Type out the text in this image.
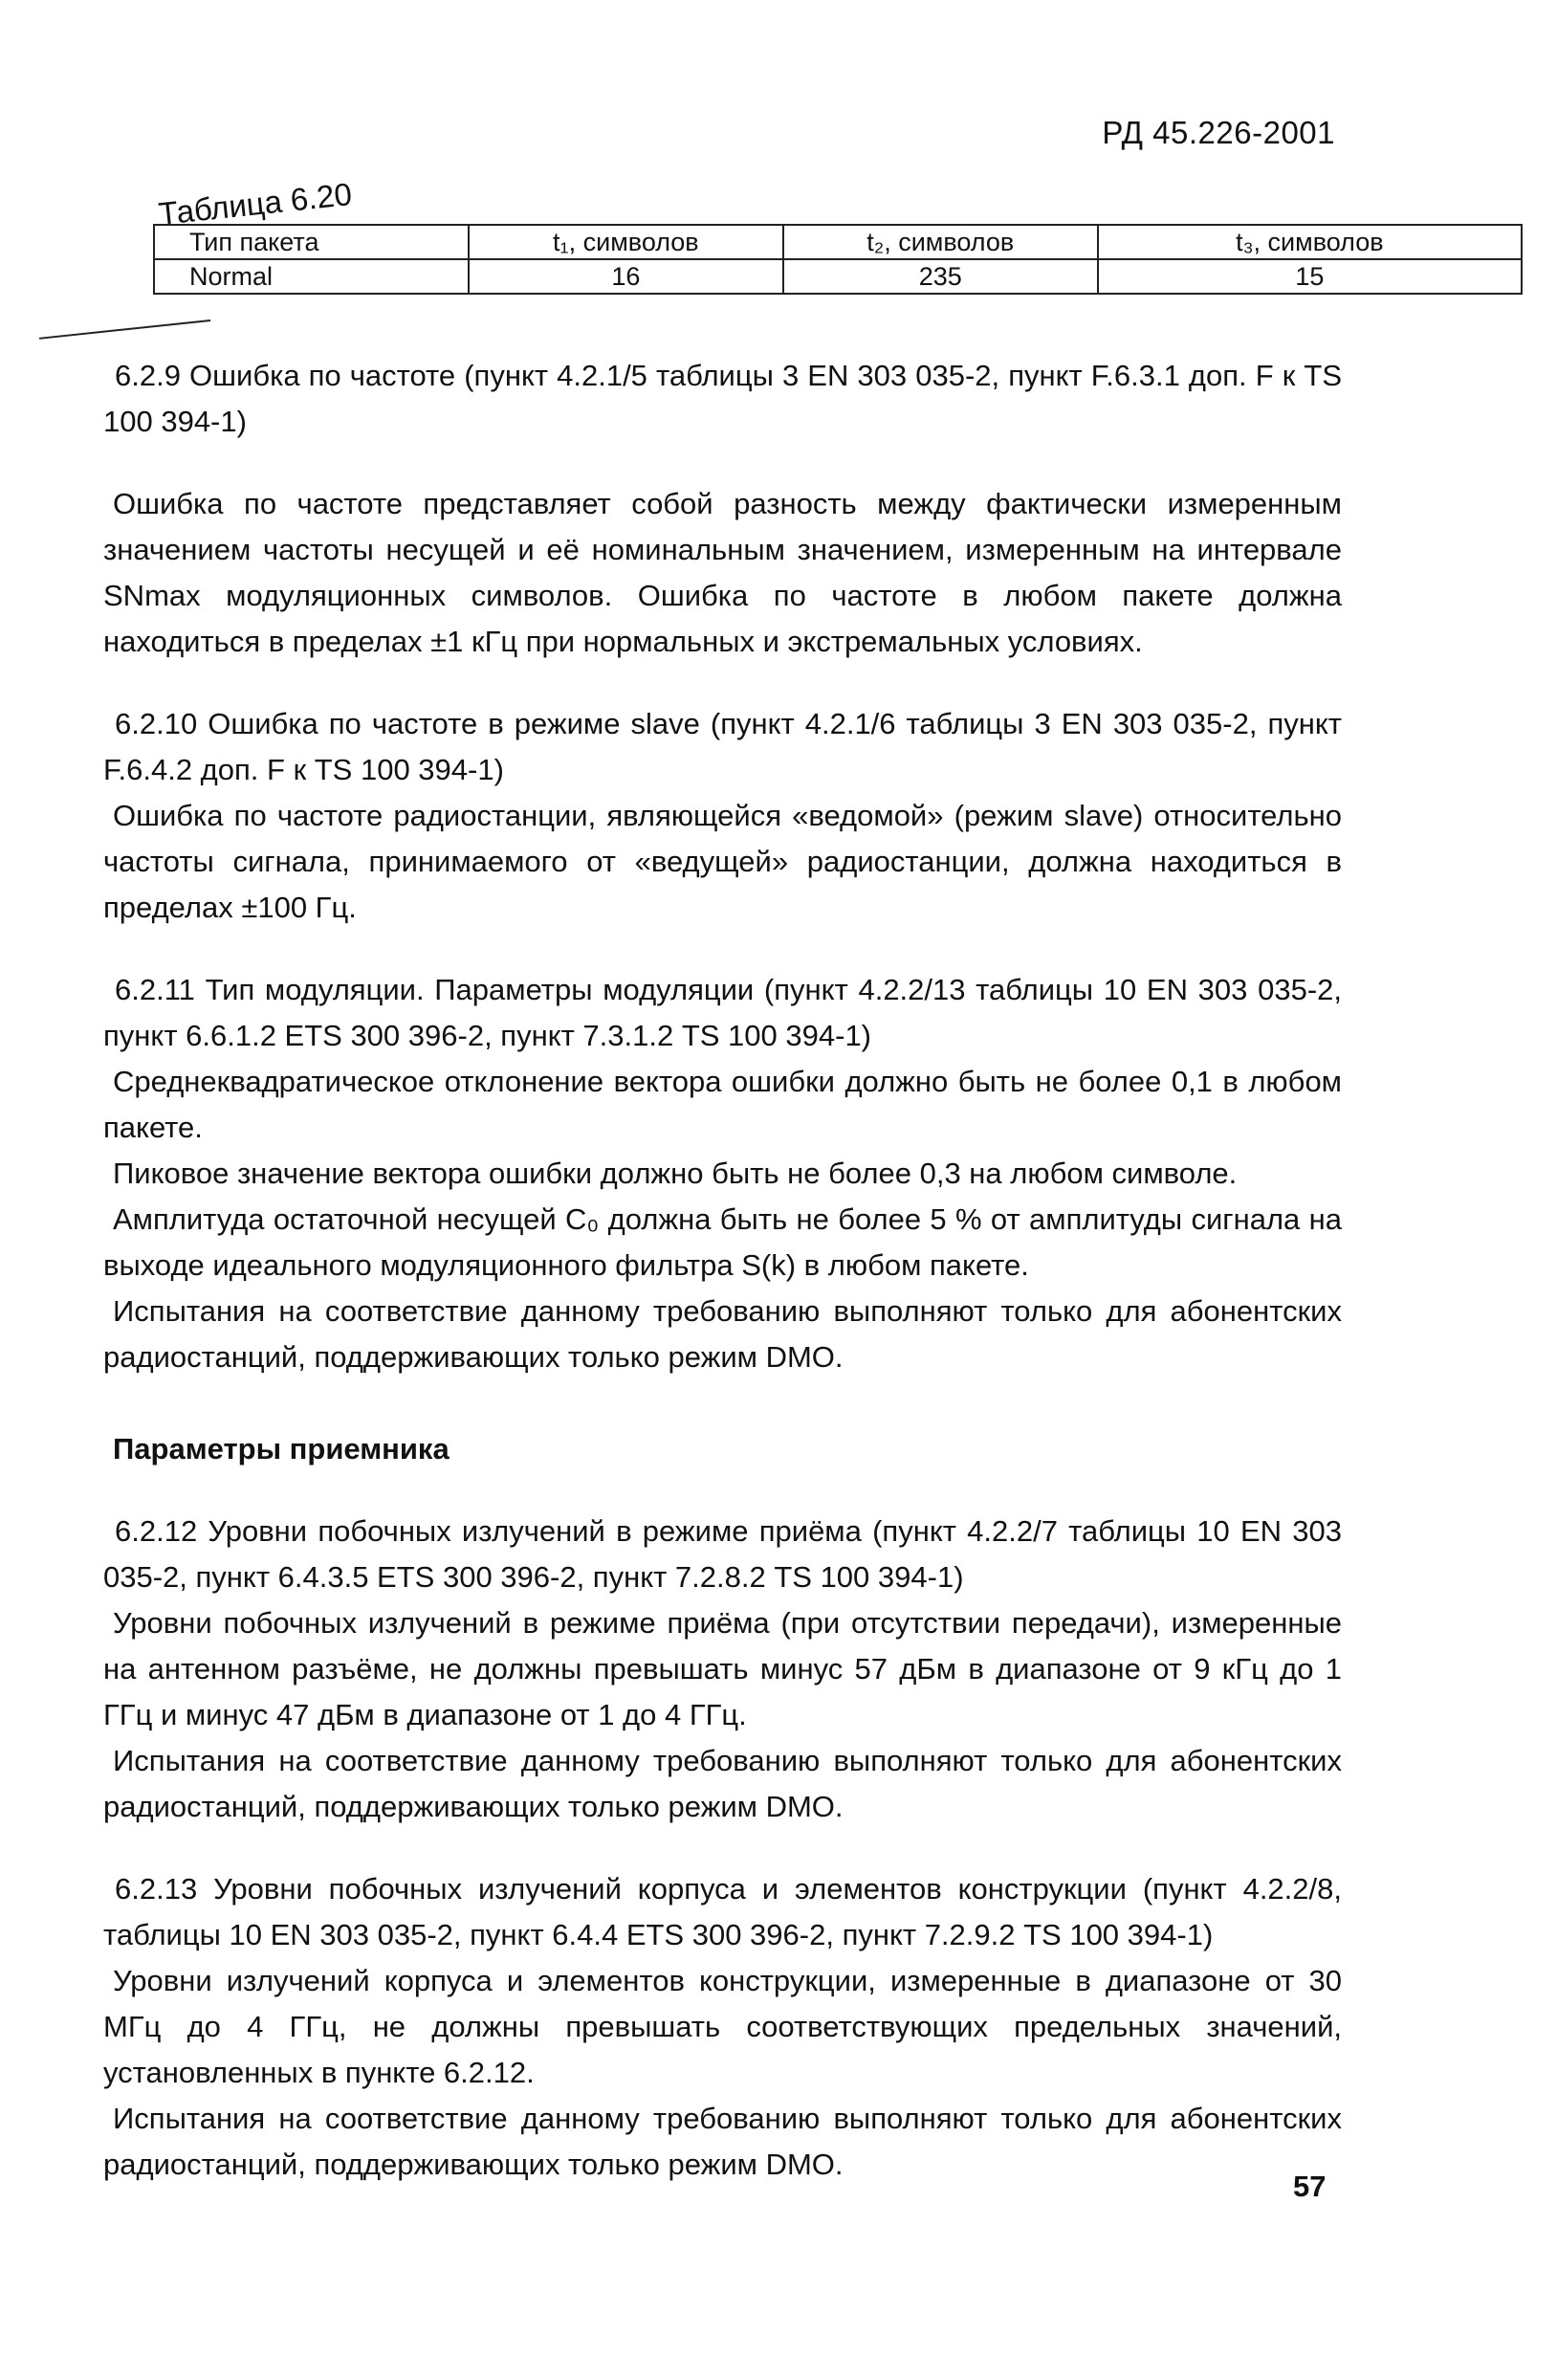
РД 45.226-2001
Таблица 6.20
Тип пакета	t₁, символов	t₂, символов	t₃, символов
Normal	16	235	15

6.2.9 Ошибка по частоте (пункт 4.2.1/5 таблицы 3 EN 303 035-2, пункт F.6.3.1 доп. F к TS 100 394-1)

Ошибка по частоте представляет собой разность между фактически измеренным значением частоты несущей и её номинальным значением, измеренным на интервале SNmax модуляционных символов. Ошибка по частоте в любом пакете должна находиться в пределах ±1 кГц при нормальных и экстремальных условиях.

6.2.10 Ошибка по частоте в режиме slave (пункт 4.2.1/6 таблицы 3 EN 303 035-2, пункт F.6.4.2 доп. F к TS 100 394-1)

Ошибка по частоте радиостанции, являющейся «ведомой» (режим slave) относительно частоты сигнала, принимаемого от «ведущей» радиостанции, должна находиться в пределах ±100 Гц.

6.2.11 Тип модуляции. Параметры модуляции (пункт 4.2.2/13 таблицы 10 EN 303 035-2, пункт 6.6.1.2 ETS 300 396-2, пункт 7.3.1.2 TS 100 394-1)

Среднеквадратическое отклонение вектора ошибки должно быть не более 0,1 в любом пакете.

Пиковое значение вектора ошибки должно быть не более 0,3 на любом символе.

Амплитуда остаточной несущей C₀ должна быть не более 5 % от амплитуды сигнала на выходе идеального модуляционного фильтра S(k) в любом пакете.

Испытания на соответствие данному требованию выполняют только для абонентских радиостанций, поддерживающих только режим DMO.

Параметры приемника

6.2.12 Уровни побочных излучений в режиме приёма (пункт 4.2.2/7 таблицы 10 EN 303 035-2, пункт 6.4.3.5 ETS 300 396-2, пункт 7.2.8.2 TS 100 394-1)

Уровни побочных излучений в режиме приёма (при отсутствии передачи), измеренные на антенном разъёме, не должны превышать минус 57 дБм в диапазоне от 9 кГц до 1 ГГц и минус 47 дБм в диапазоне от 1 до 4 ГГц.

Испытания на соответствие данному требованию выполняют только для абонентских радиостанций, поддерживающих только режим DMO.

6.2.13 Уровни побочных излучений корпуса и элементов конструкции (пункт 4.2.2/8, таблицы 10 EN 303 035-2, пункт 6.4.4 ETS 300 396-2, пункт 7.2.9.2 TS 100 394-1)

Уровни излучений корпуса и элементов конструкции, измеренные в диапазоне от 30 МГц до 4 ГГц, не должны превышать соответствующих предельных значений, установленных в пункте 6.2.12.

Испытания на соответствие данному требованию выполняют только для абонентских радиостанций, поддерживающих только режим DMO.

57
